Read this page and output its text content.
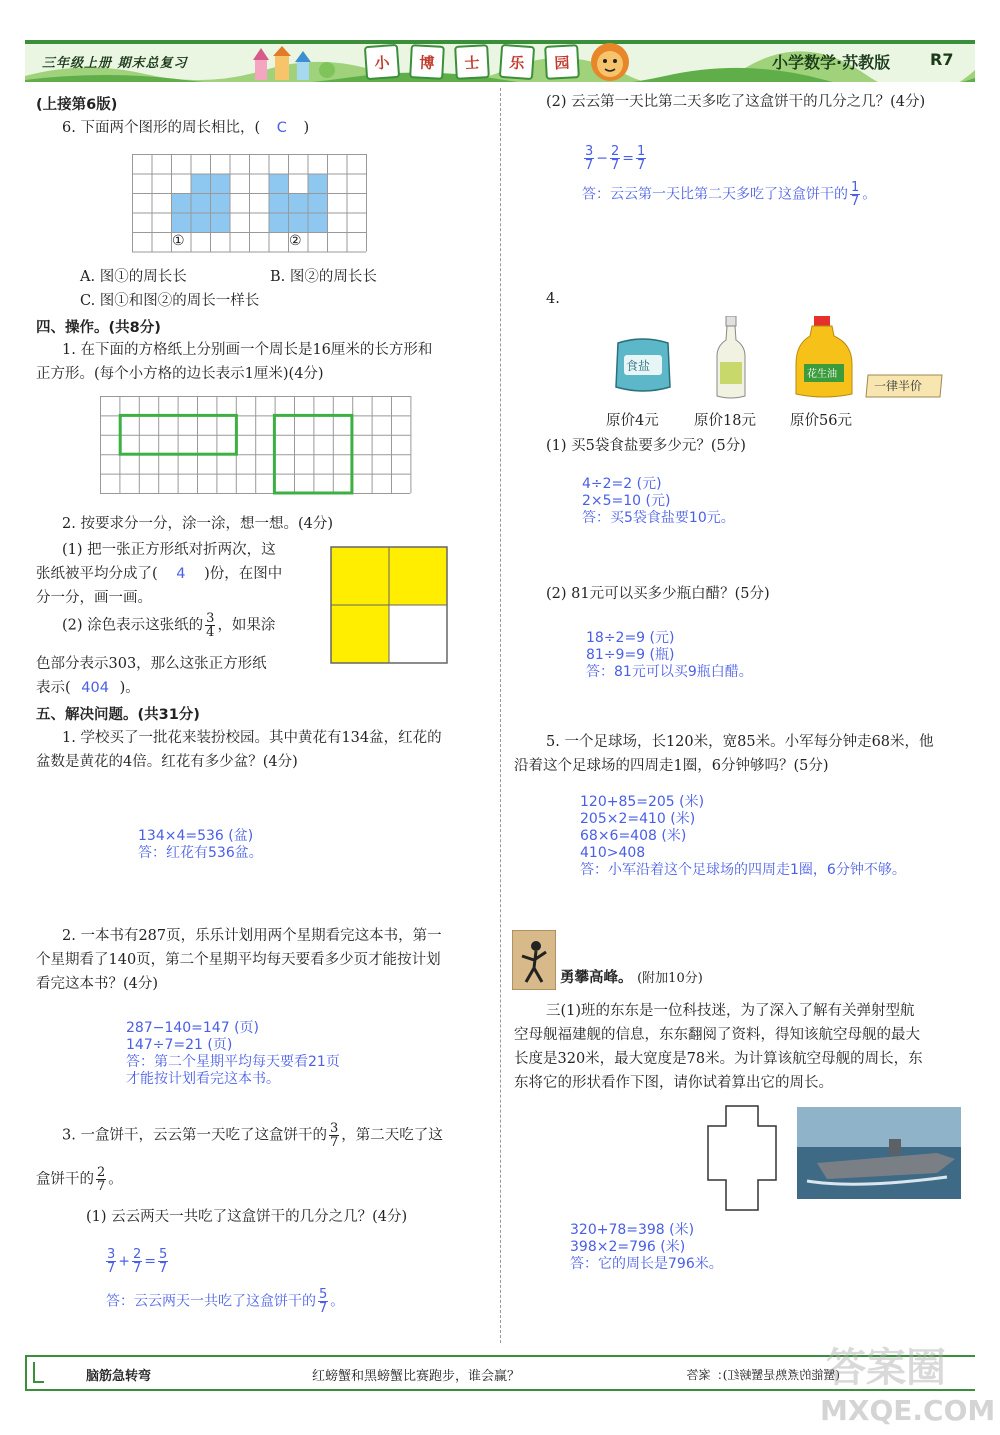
三年级上册 期末总复习	小	博	士	乐	园	小学数学·苏教版 R7
(上接第6版)
6. 下面两个图形的周长相比，( C )
①	②
A. 图①的周长长	B. 图②的周长长
C. 图①和图②的周长一样长
四、操作。(共8分)
1. 在下面的方格纸上分别画一个周长是16厘米的长方形和
正方形。(每个小方格的边长表示1厘米)(4分)
2. 按要求分一分，涂一涂，想一想。(4分)
(1) 把一张正方形纸对折两次，这
张纸被平均分成了( 4 )份，在图中
分一分，画一画。
(2) 涂色表示这张纸的 $\frac{3}{4}$ ，如果涂
色部分表示303，那么这张正方形纸
表示( 404 )。
五、解决问题。(共31分)
1. 学校买了一批花来装扮校园。其中黄花有134盆，红花的
盆数是黄花的4倍。红花有多少盆？(4分)
134×4=536 (盆)
答：红花有536盆。
2. 一本书有287页，乐乐计划用两个星期看完这本书，第一
个星期看了140页，第二个星期平均每天要看多少页才能按计划
看完这本书？(4分)
287−140=147 (页)
147÷7=21 (页)
答：第二个星期平均每天要看21页
才能按计划看完这本书。
3. 一盒饼干，云云第一天吃了这盒饼干的 $\frac{3}{7}$ ，第二天吃了这
盒饼干的 $\frac{2}{7}$ 。
(1) 云云两天一共吃了这盒饼干的几分之几？(4分)
$\frac{3}{7} + \frac{2}{7} = \frac{5}{7}$
答：云云两天一共吃了这盒饼干的 $\frac{5}{7}$ 。
(2) 云云第一天比第二天多吃了这盒饼干的几分之几？(4分)
$\frac{3}{7} - \frac{2}{7} = \frac{1}{7}$
答：云云第一天比第二天多吃了这盒饼干的 $\frac{1}{7}$ 。
4.
食盐
花生油
一律半价
原价4元 原价18元 原价56元
(1) 买5袋食盐要多少元？(5分)
4÷2=2 (元)
2×5=10 (元)
答：买5袋食盐要10元。
(2) 81元可以买多少瓶白醋？(5分)
18÷2=9 (元)
81÷9=9 (瓶)
答：81元可以买9瓶白醋。
5. 一个足球场，长120米，宽85米。小军每分钟走68米，他
沿着这个足球场的四周走1圈，6分钟够吗？(5分)
120+85=205 (米)
205×2=410 (米)
68×6=408 (米)
410>408
答：小军沿着这个足球场的四周走1圈，6分钟不够。
勇攀高峰。 (附加10分)
三(1)班的东东是一位科技迷，为了深入了解有关弹射型航
空母舰福建舰的信息，东东翻阅了资料，得知该航空母舰的最大
长度是320米，最大宽度是78米。为计算该航空母舰的周长，东
东将它的形状看作下图，请你试着算出它的周长。
320+78=398 (米)
398×2=796 (米)
答：它的周长是796米。
脑筋急转弯	红螃蟹和黑螃蟹比赛跑步，谁会赢？	(蟹能的煮熟是蟹螃红)：案答
答案圈
MXQE.COM
